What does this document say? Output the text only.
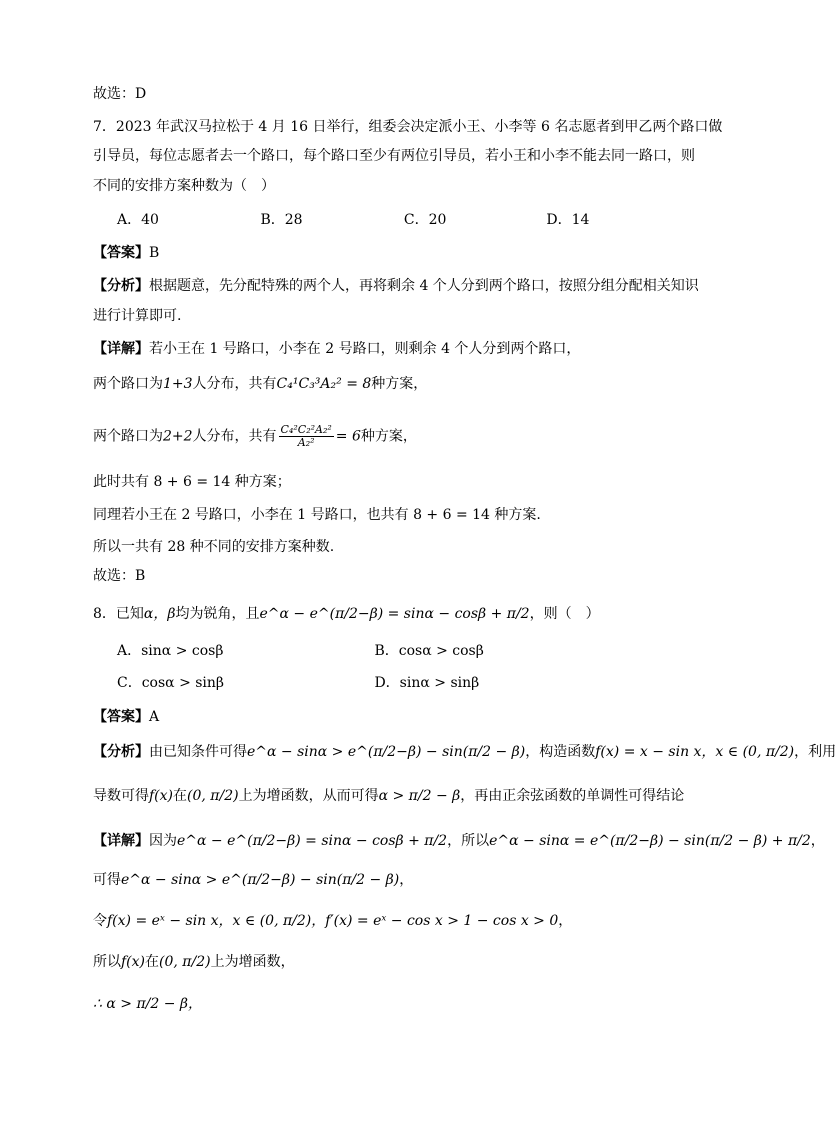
故选：D
7．2023 年武汉马拉松于 4 月 16 日举行，组委会决定派小王、小李等 6 名志愿者到甲乙两个路口做
引导员，每位志愿者去一个路口，每个路口至少有两位引导员，若小王和小李不能去同一路口，则
不同的安排方案种数为（　）
A．40	B．28	C．20	D．14
【答案】B
【分析】根据题意，先分配特殊的两个人，再将剩余 4 个人分到两个路口，按照分组分配相关知识
进行计算即可.
【详解】若小王在 1 号路口，小李在 2 号路口，则剩余 4 个人分到两个路口，
两个路口为1+3人分布，共有C₄¹C₃³A₂² = 8种方案，
两个路口为2+2人分布，共有 $\frac{\text{C₄²C₂²A₂²}}{\text{A₂²}} = 6$种方案，
此时共有 8 + 6 = 14 种方案；
同理若小王在 2 号路口，小李在 1 号路口，也共有 8 + 6 = 14 种方案.
所以一共有 28 种不同的安排方案种数.
故选：B
8．已知α，β均为锐角，且e^α − e^(π/2−β) = sinα − cosβ + π/2，则（　）
A．sinα > cosβ	B．cosα > cosβ
C．cosα > sinβ	D．sinα > sinβ
【答案】A
【分析】由已知条件可得e^α − sinα > e^(π/2−β) − sin(π/2 − β)，构造函数f(x) = x − sin x，x ∈ (0, π/2)，利用
导数可得f(x)在(0, π/2)上为增函数，从而可得α > π/2 − β，再由正余弦函数的单调性可得结论
【详解】因为e^α − e^(π/2−β) = sinα − cosβ + π/2，所以e^α − sinα = e^(π/2−β) − sin(π/2 − β) + π/2，
可得e^α − sinα > e^(π/2−β) − sin(π/2 − β)，
令f(x) = eˣ − sin x，x ∈ (0, π/2)，f′(x) = eˣ − cos x > 1 − cos x > 0，
所以f(x)在(0, π/2)上为增函数，
∴ α > π/2 − β，
